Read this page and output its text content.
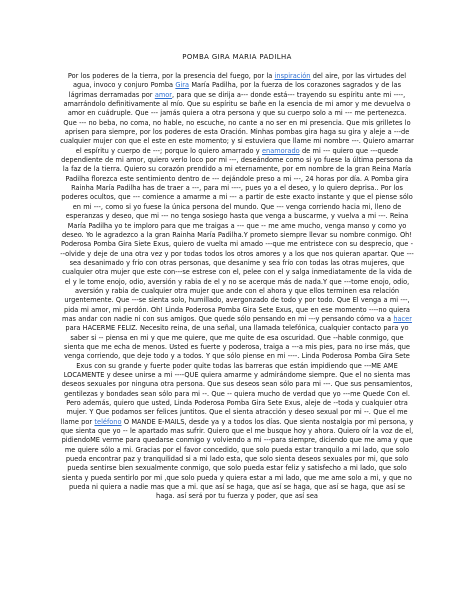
POMBA GIRA MARIA PADILHA

Por los poderes de la tierra, por la presencia del fuego, por la inspiración del aire, por las virtudes del agua, invoco y conjuro Pomba Gira María Padilha, por la fuerza de los corazones sagrados y de las lágrimas derramadas por amor, para que se dirija a--- donde está--- trayendo su espíritu ante mi ----, amarrándolo definitivamente al mío. Que su espíritu se bañe en la esencia de mi amor y me devuelva o amor en cuádruple. Que --- jamás quiera a otra persona y que su cuerpo solo a mi --- me pertenezca. Que --- no beba, no coma, no hable, no escuche, no cante a no ser en mi presencia. Que mis grilletes lo aprisen para siempre, por los poderes de esta Oración. Minhas pombas gira haga su gira y aleje a ---de cualquier mujer con que el este en este momento; y si estuviera que llame mi nombre ---. Quiero amarrar el espíritu y cuerpo de ---; porque lo quiero amarrado y enamorado de mi --- quiero que ---quede dependiente de mi amor, quiero verlo loco por mi ---, deseándome como si yo fuese la última persona da la faz de la tierra. Quiero su corazón prendido a mi eternamente, por em nombre de la gran Reina María Padilha florezca este sentimiento dentro de --- dejándole preso a mi ---, 24 horas por día. A Pomba gira Rainha María Padilha has de traer a ---, para mi ----, pues yo a el deseo, y lo quiero deprisa.. Por los poderes ocultos, que --- comience a amarme a mi --- a partir de este exacto instante y que el piense sólo en mi ---, como si yo fuese la única persona del mundo. Que --- venga corriendo hacia mi, lleno de esperanzas y deseo, que mi --- no tenga sosiego hasta que venga a buscarme, y vuelva a mi ---. Reina María Padilha yo te imploro para que me traigas a --- que -- me ame mucho, venga manso y como yo deseo. Yo le agradezco a la gran Rainha María Padilha.Y prometo siempre llevar su nombre conmigo. Oh! Poderosa Pomba Gira Siete Exus, quiero de vuelta mi amado ---que me entristece con su desprecio, que ---olvide y deje de una otra vez y por todas todos los otros amores y a los que nos quieran apartar. Que --- sea desanimado y frío con otras personas, que desanime y sea frío con todas las otras mujeres, que cualquier otra mujer que este con---se estrese con el, pelee con el y salga inmediatamente de la vida de el y le tome enojo, odio, aversión y rabia de el y no se acerque más de nada.Y que ---tome enojo, odio, aversión y rabia de cualquier otra mujer que ande con el ahora y que ellos terminen esa relación urgentemente. Que ---se sienta solo, humillado, avergonzado de todo y por todo. Que El venga a mi ---, pida mi amor, mi perdón. Oh! Linda Poderosa Pomba Gira Sete Exus, que en ese momento ----no quiera mas andar con nadie ni con sus amigos. Que quede sólo pensando en mi ---y pensando cómo va a hacer para HACERME FELIZ. Necesito reina, de una señal, una llamada telefónica, cualquier contacto para yo saber si -- piensa en mi y que me quiere, que me quite de esa oscuridad. Que --hable conmigo, que sienta que me echa de menos. Usted es fuerte y poderosa, traiga a ---a mis pies, para no irse más, que venga corriendo, que deje todo y a todos. Y que sólo piense en mi ----. Linda Poderosa Pomba Gira Sete Exus con su grande y fuerte poder quite todas las barreras que están impidiendo que ---ME AME LOCAMENTE y desee unirse a mi ----QUE quiera amarme y admirándome siempre. Que el no sienta mas deseos sexuales por ninguna otra persona. Que sus deseos sean sólo para mi ---. Que sus pensamientos, gentilezas y bondades sean sólo para mi --. Que -- quiera mucho de verdad que yo ---me Quede Con el. Pero además, quiero que usted, Linda Poderosa Pomba Gira Sete Exus, aleje de --toda y cualquier otra mujer. Y Que podamos ser felices juntitos. Que el sienta atracción y deseo sexual por mi --. Que el me llame por teléfono O MANDE E-MAILS, desde ya y a todos los días. Que sienta nostalgia por mi persona, y que sienta que yo -- le apartado mas sufrir. Quiero que el me busque hoy y ahora. Quiero oír la voz de el, pidiendoME verme para quedarse conmigo y volviendo a mi ---para siempre, diciendo que me ama y que me quiere sólo a mi. Gracias por el favor concedido, que solo pueda estar tranquilo a mi lado, que solo pueda encontrar paz y tranquilidad si a mi lado esta, que solo sienta deseos sexuales por mi, que solo pueda sentirse bien sexualmente conmigo, que solo pueda estar feliz y satisfecho a mi lado, que solo sienta y pueda sentirlo por mi ,que solo pueda y quiera estar a mi lado, que me ame solo a mi, y que no pueda ni quiera a nadie mas que a mi. que así se haga, que así se haga, que así se haga, que así se haga. así será por tu fuerza y poder, que así sea
